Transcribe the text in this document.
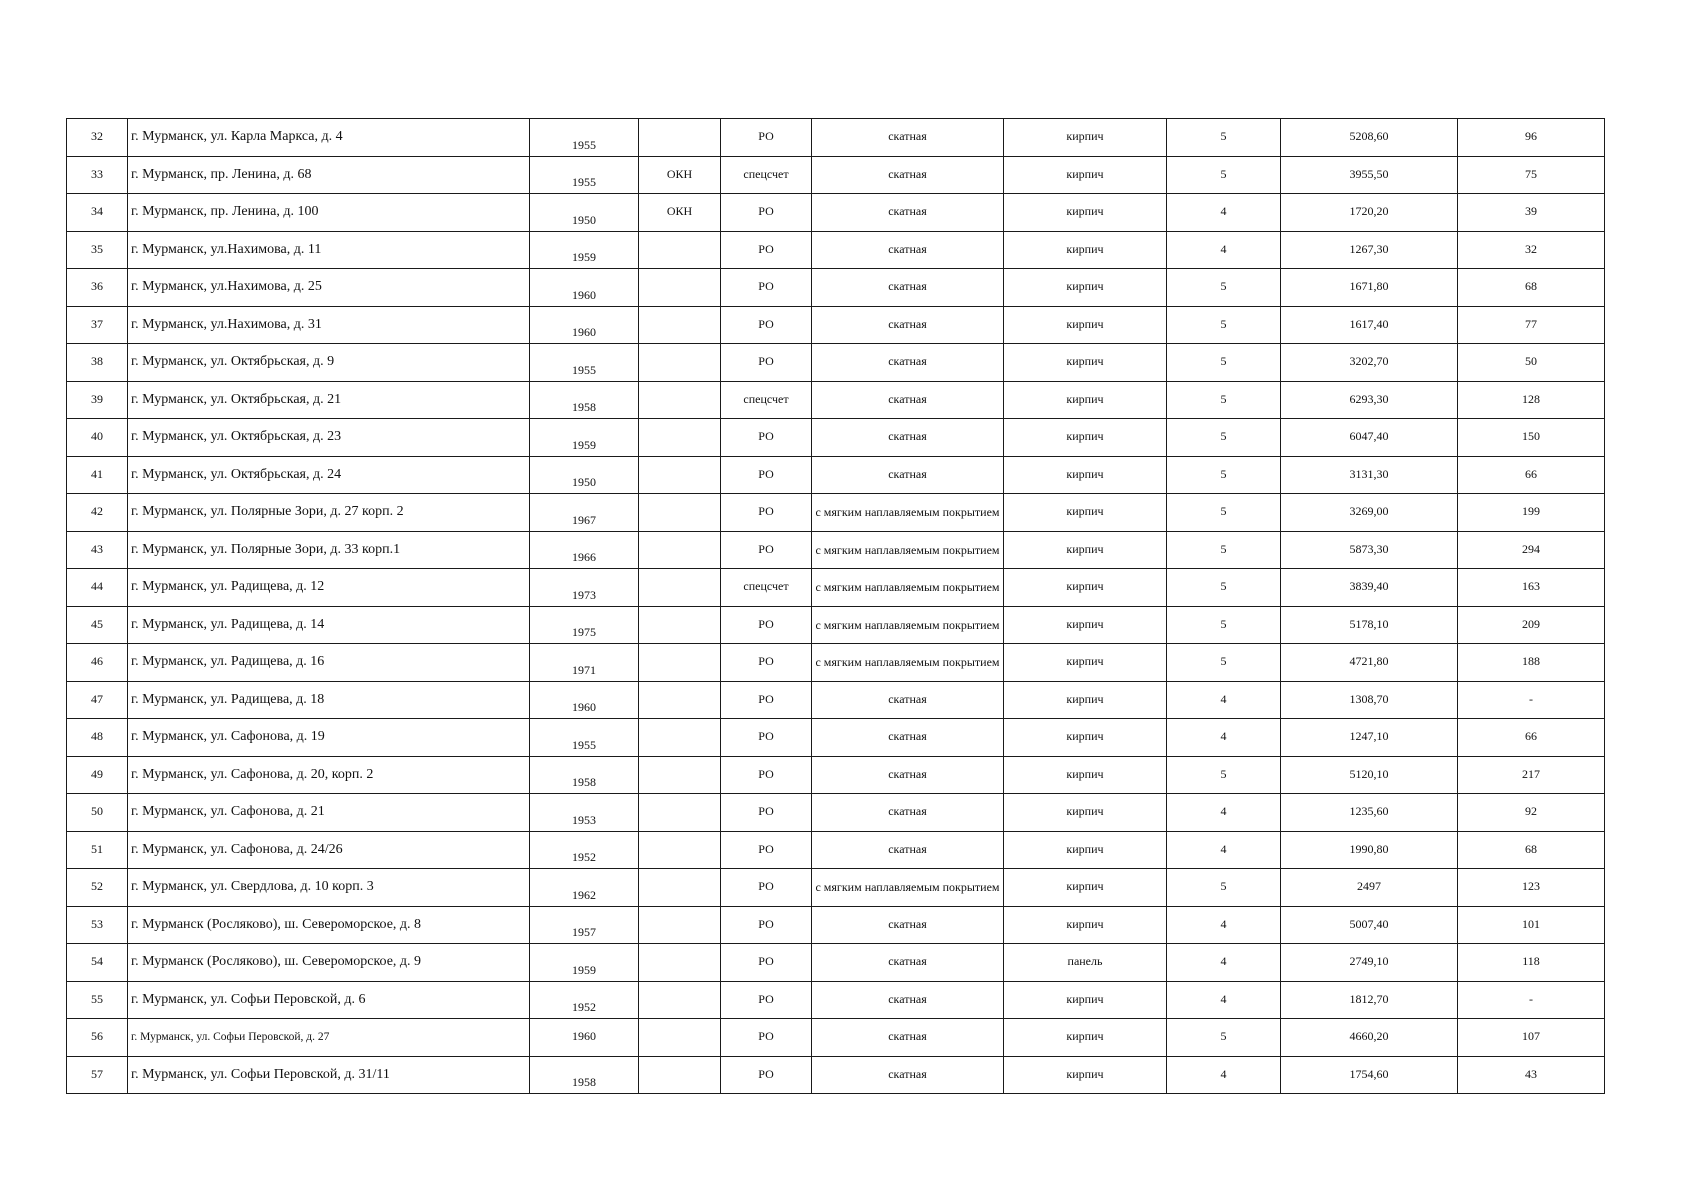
32	г. Мурманск, ул. Карла Маркса, д. 4	1955		РО	скатная	кирпич	5	5208,60	96
33	г. Мурманск, пр. Ленина, д. 68	1955	ОКН	спецсчет	скатная	кирпич	5	3955,50	75
34	г. Мурманск, пр. Ленина, д. 100	1950	ОКН	РО	скатная	кирпич	4	1720,20	39
35	г. Мурманск, ул.Нахимова, д. 11	1959		РО	скатная	кирпич	4	1267,30	32
36	г. Мурманск, ул.Нахимова, д. 25	1960		РО	скатная	кирпич	5	1671,80	68
37	г. Мурманск, ул.Нахимова, д. 31	1960		РО	скатная	кирпич	5	1617,40	77
38	г. Мурманск, ул. Октябрьская, д. 9	1955		РО	скатная	кирпич	5	3202,70	50
39	г. Мурманск, ул. Октябрьская, д. 21	1958		спецсчет	скатная	кирпич	5	6293,30	128
40	г. Мурманск, ул. Октябрьская, д. 23	1959		РО	скатная	кирпич	5	6047,40	150
41	г. Мурманск, ул. Октябрьская, д. 24	1950		РО	скатная	кирпич	5	3131,30	66
42	г. Мурманск, ул. Полярные Зори, д. 27 корп. 2	1967		РО	с мягким наплавляемым покрытием	кирпич	5	3269,00	199
43	г. Мурманск, ул. Полярные Зори, д. 33 корп.1	1966		РО	с мягким наплавляемым покрытием	кирпич	5	5873,30	294
44	г. Мурманск, ул. Радищева, д. 12	1973		спецсчет	с мягким наплавляемым покрытием	кирпич	5	3839,40	163
45	г. Мурманск, ул. Радищева, д. 14	1975		РО	с мягким наплавляемым покрытием	кирпич	5	5178,10	209
46	г. Мурманск, ул. Радищева, д. 16	1971		РО	с мягким наплавляемым покрытием	кирпич	5	4721,80	188
47	г. Мурманск, ул. Радищева, д. 18	1960		РО	скатная	кирпич	4	1308,70	-
48	г. Мурманск, ул. Сафонова, д. 19	1955		РО	скатная	кирпич	4	1247,10	66
49	г. Мурманск, ул. Сафонова, д. 20, корп. 2	1958		РО	скатная	кирпич	5	5120,10	217
50	г. Мурманск, ул. Сафонова, д. 21	1953		РО	скатная	кирпич	4	1235,60	92
51	г. Мурманск, ул. Сафонова, д. 24/26	1952		РО	скатная	кирпич	4	1990,80	68
52	г. Мурманск, ул. Свердлова, д. 10 корп. 3	1962		РО	с мягким наплавляемым покрытием	кирпич	5	2497	123
53	г. Мурманск (Росляково), ш. Североморское, д. 8	1957		РО	скатная	кирпич	4	5007,40	101
54	г. Мурманск (Росляково), ш. Североморское, д. 9	1959		РО	скатная	панель	4	2749,10	118
55	г. Мурманск, ул. Софьи Перовской, д. 6	1952		РО	скатная	кирпич	4	1812,70	-
56	г. Мурманск, ул. Софьи Перовской, д. 27	1960		РО	скатная	кирпич	5	4660,20	107
57	г. Мурманск, ул. Софьи Перовской, д. 31/11	1958		РО	скатная	кирпич	4	1754,60	43
